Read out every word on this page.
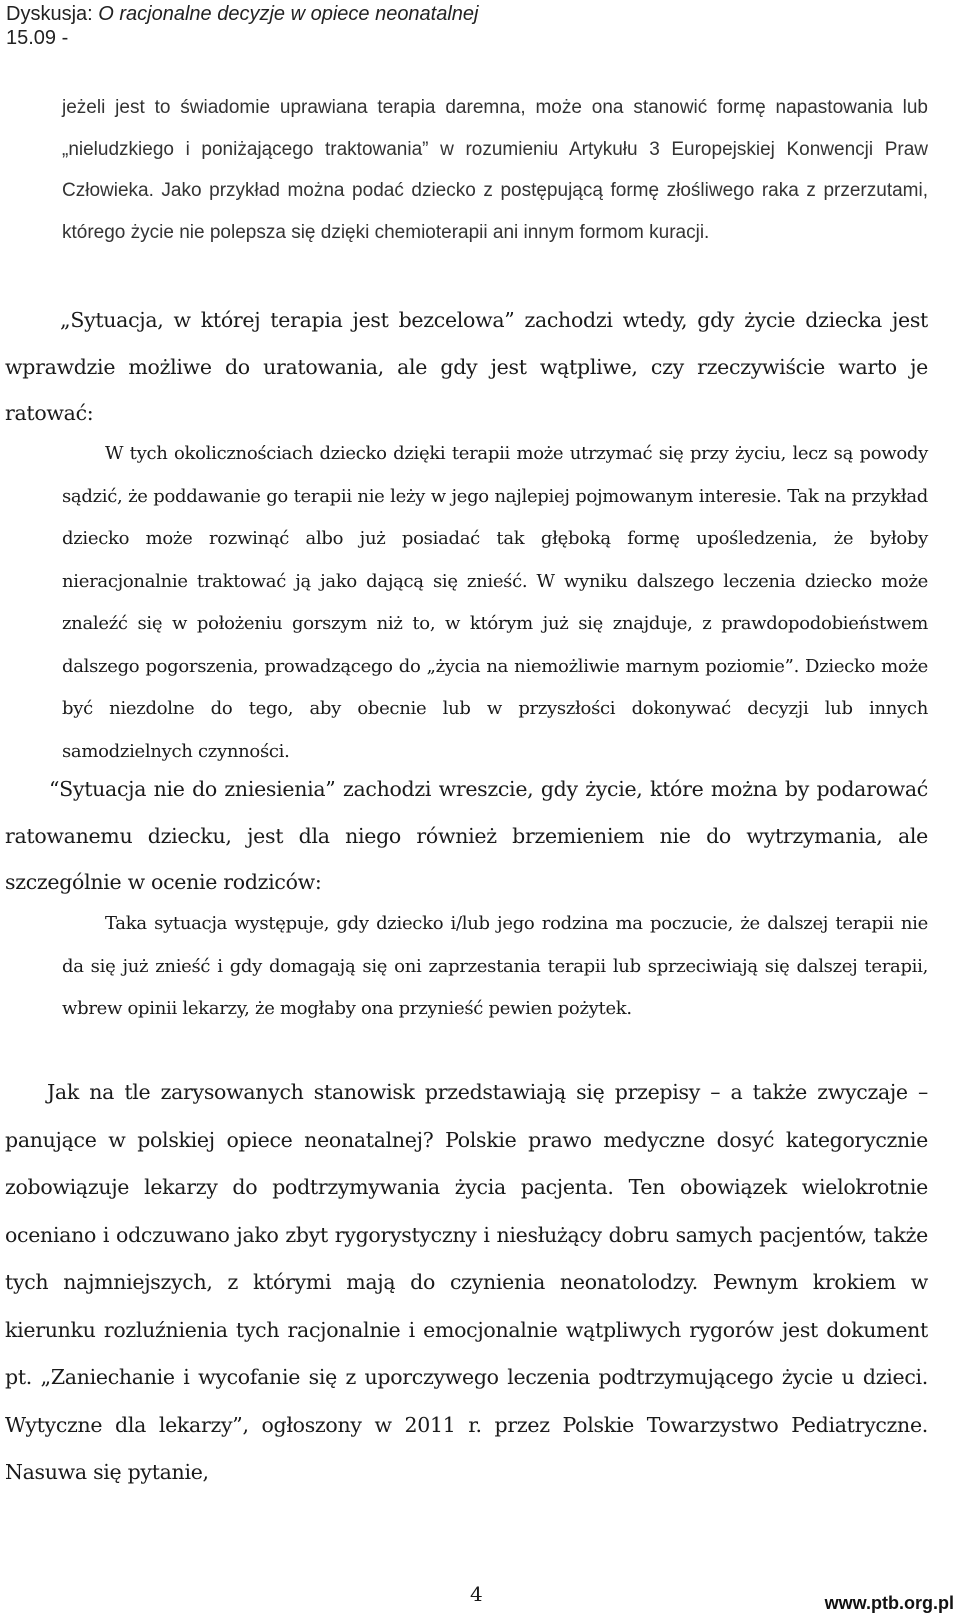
Dyskusja: O racjonalne decyzje w opiece neonatalnej
15.09 -

jeżeli jest to świadomie uprawiana terapia daremna, może ona stanowić formę napastowania lub „nieludzkiego i poniżającego traktowania” w rozumieniu Artykułu 3 Europejskiej Konwencji Praw Człowieka. Jako przykład można podać dziecko z postępującą formę złośliwego raka z przerzutami, którego życie nie polepsza się dzięki chemioterapii ani innym formom kuracji.

„Sytuacja, w której terapia jest bezcelowa” zachodzi wtedy, gdy życie dziecka jest wprawdzie możliwe do uratowania, ale gdy jest wątpliwe, czy rzeczywiście warto je ratować:

W tych okolicznościach dziecko dzięki terapii może utrzymać się przy życiu, lecz są powody sądzić, że poddawanie go terapii nie leży w jego najlepiej pojmowanym interesie. Tak na przykład dziecko może rozwinąć albo już posiadać tak głęboką formę upośledzenia, że byłoby nieracjonalnie traktować ją jako dającą się znieść. W wyniku dalszego leczenia dziecko może znaleźć się w położeniu gorszym niż to, w którym już się znajduje, z prawdopodobieństwem dalszego pogorszenia, prowadzącego do „życia na niemożliwie marnym poziomie”. Dziecko może być niezdolne do tego, aby obecnie lub w przyszłości dokonywać decyzji lub innych samodzielnych czynności.

“Sytuacja nie do zniesienia” zachodzi wreszcie, gdy życie, które można by podarować ratowanemu dziecku, jest dla niego również brzemieniem nie do wytrzymania, ale szczególnie w ocenie rodziców:

Taka sytuacja występuje, gdy dziecko i/lub jego rodzina ma poczucie, że dalszej terapii nie da się już znieść i gdy domagają się oni zaprzestania terapii lub sprzeciwiają się dalszej terapii, wbrew opinii lekarzy, że mogłaby ona przynieść pewien pożytek.

Jak na tle zarysowanych stanowisk przedstawiają się przepisy – a także zwyczaje – panujące w polskiej opiece neonatalnej? Polskie prawo medyczne dosyć kategorycznie zobowiązuje lekarzy do podtrzymywania życia pacjenta. Ten obowiązek wielokrotnie oceniano i odczuwano jako zbyt rygorystyczny i niesłużący dobru samych pacjentów, także tych najmniejszych, z którymi mają do czynienia neonatolodzy. Pewnym krokiem w kierunku rozluźnienia tych racjonalnie i emocjonalnie wątpliwych rygorów jest dokument pt. „Zaniechanie i wycofanie się z uporczywego leczenia podtrzymującego życie u dzieci. Wytyczne dla lekarzy”, ogłoszony w 2011 r. przez Polskie Towarzystwo Pediatryczne. Nasuwa się pytanie,

4	www.ptb.org.pl
